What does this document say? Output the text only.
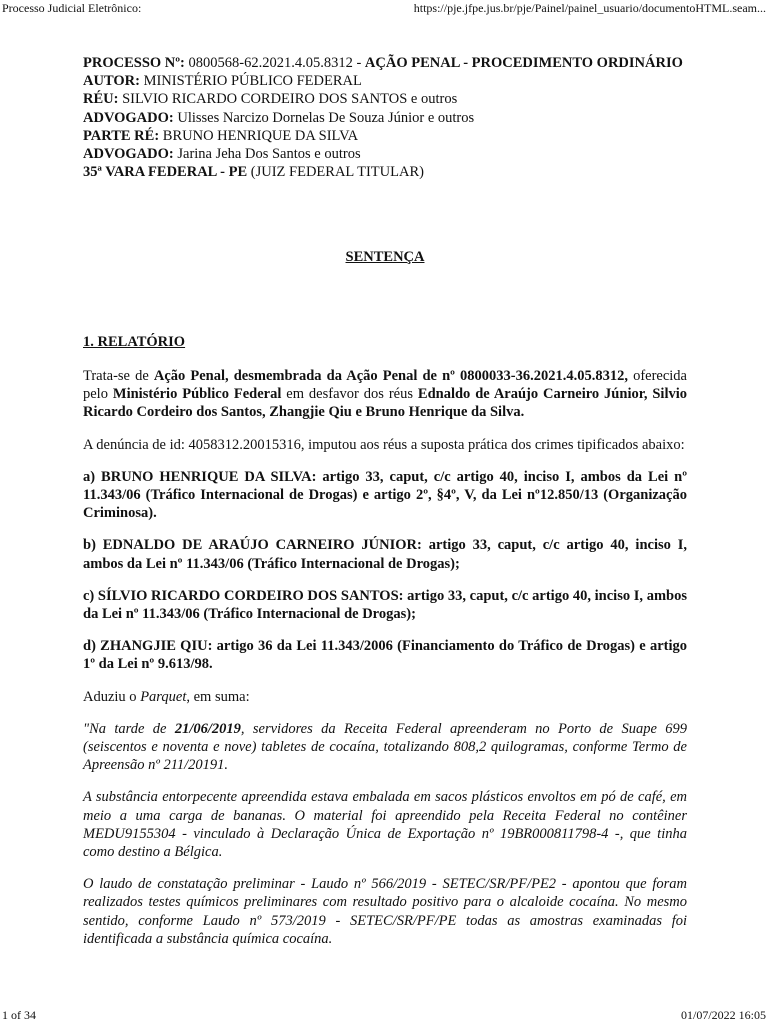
Processo Judicial Eletrônico:	https://pje.jfpe.jus.br/pje/Painel/painel_usuario/documentoHTML.seam...

PROCESSO Nº: 0800568-62.2021.4.05.8312 - AÇÃO PENAL - PROCEDIMENTO ORDINÁRIO

AUTOR: MINISTÉRIO PÚBLICO FEDERAL

RÉU: SILVIO RICARDO CORDEIRO DOS SANTOS e outros

ADVOGADO: Ulisses Narcizo Dornelas De Souza Júnior e outros

PARTE RÉ: BRUNO HENRIQUE DA SILVA

ADVOGADO: Jarina Jeha Dos Santos e outros

35ª VARA FEDERAL - PE (JUIZ FEDERAL TITULAR)

SENTENÇA

1. RELATÓRIO

Trata-se de Ação Penal, desmembrada da Ação Penal de nº 0800033-36.2021.4.05.8312, oferecida pelo Ministério Público Federal em desfavor dos réus Ednaldo de Araújo Carneiro Júnior, Silvio Ricardo Cordeiro dos Santos, Zhangjie Qiu e Bruno Henrique da Silva.

A denúncia de id: 4058312.20015316, imputou aos réus a suposta prática dos crimes tipificados abaixo:

a) BRUNO HENRIQUE DA SILVA: artigo 33, caput, c/c artigo 40, inciso I, ambos da Lei nº 11.343/06 (Tráfico Internacional de Drogas) e artigo 2º, §4º, V, da Lei nº12.850/13 (Organização Criminosa).

b) EDNALDO DE ARAÚJO CARNEIRO JÚNIOR: artigo 33, caput, c/c artigo 40, inciso I, ambos da Lei nº 11.343/06 (Tráfico Internacional de Drogas);

c) SÍLVIO RICARDO CORDEIRO DOS SANTOS: artigo 33, caput, c/c artigo 40, inciso I, ambos da Lei nº 11.343/06 (Tráfico Internacional de Drogas);

d) ZHANGJIE QIU: artigo 36 da Lei 11.343/2006 (Financiamento do Tráfico de Drogas) e artigo 1º da Lei nº 9.613/98.

Aduziu o Parquet, em suma:

"Na tarde de 21/06/2019, servidores da Receita Federal apreenderam no Porto de Suape 699 (seiscentos e noventa e nove) tabletes de cocaína, totalizando 808,2 quilogramas, conforme Termo de Apreensão nº 211/20191.

A substância entorpecente apreendida estava embalada em sacos plásticos envoltos em pó de café, em meio a uma carga de bananas. O material foi apreendido pela Receita Federal no contêiner MEDU9155304 - vinculado à Declaração Única de Exportação nº 19BR000811798-4 -, que tinha como destino a Bélgica.

O laudo de constatação preliminar - Laudo nº 566/2019 - SETEC/SR/PF/PE2 - apontou que foram realizados testes químicos preliminares com resultado positivo para o alcaloide cocaína. No mesmo sentido, conforme Laudo nº 573/2019 - SETEC/SR/PF/PE todas as amostras examinadas foi identificada a substância química cocaína.

1 of 34	01/07/2022 16:05
